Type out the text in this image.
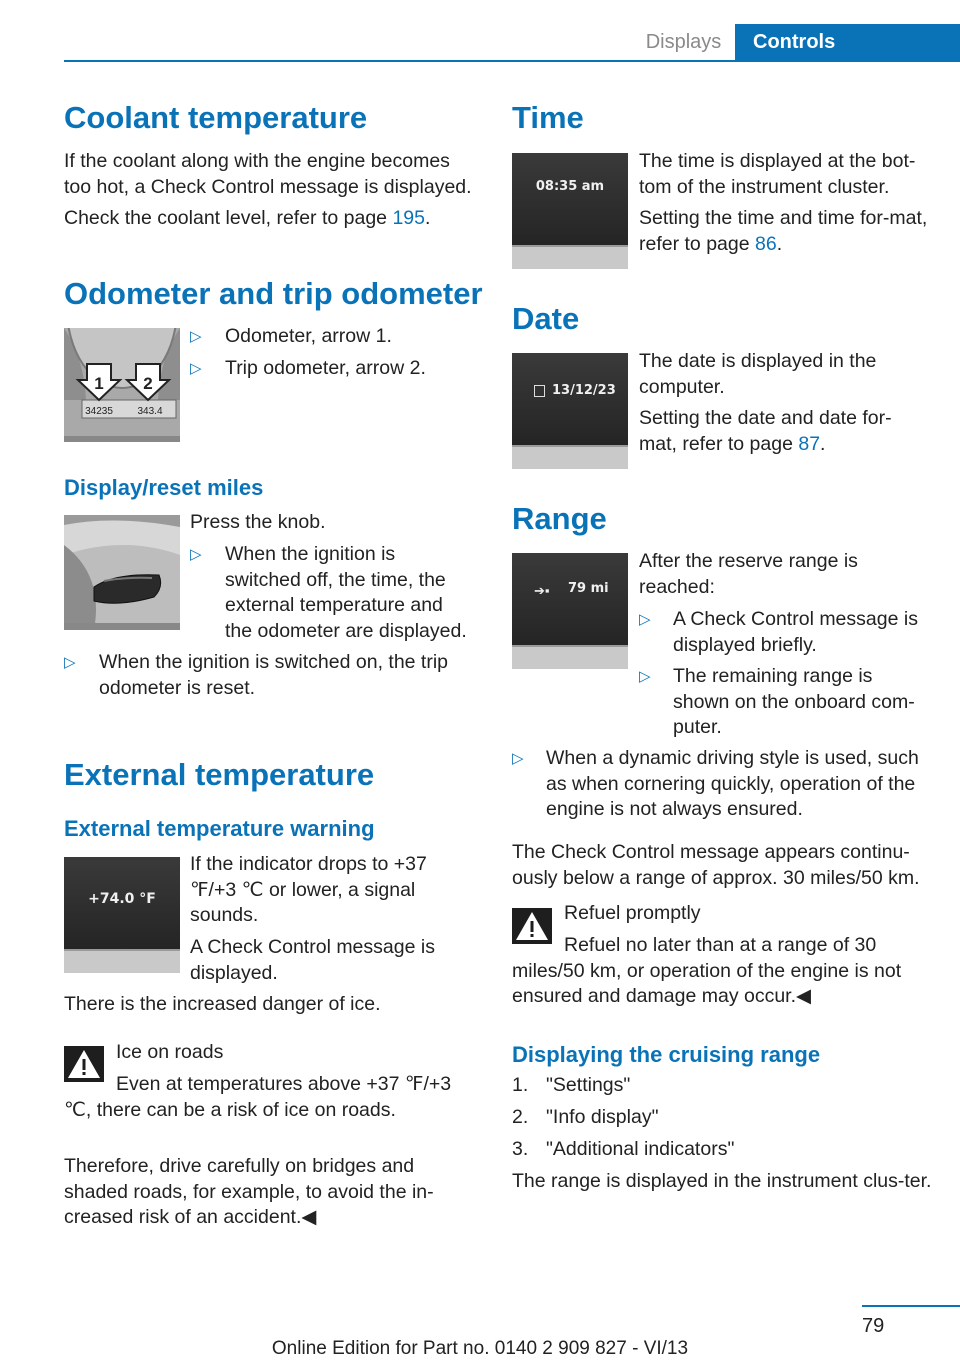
Displays	Controls
Coolant temperature
If the coolant along with the engine becomes too hot, a Check Control message is displayed.
Check the coolant level, refer to page 195.
Odometer and trip odometer
1 2
34235 343.4
▷ Odometer, arrow 1.
▷ Trip odometer, arrow 2.
Display/reset miles
Press the knob.
▷ When the ignition is switched off, the time, the external temperature and the odometer are displayed.
▷ When the ignition is switched on, the trip odometer is reset.
External temperature
External temperature warning
+74.0 °F
If the indicator drops to +37 ℉/+3 ℃ or lower, a signal sounds.
A Check Control message is displayed.
There is the increased danger of ice.
Ice on roads
Even at temperatures above +37 ℉/+3 ℃, there can be a risk of ice on roads.
Therefore, drive carefully on bridges and shaded roads, for example, to avoid the in‐creased risk of an accident.◀
Time
08:35 am
The time is displayed at the bot‐tom of the instrument cluster.
Setting the time and time for‐mat, refer to page 86.
Date
13/12/23
The date is displayed in the computer.
Setting the date and date for‐mat, refer to page 87.
Range
➔▪ 79 mi
After the reserve range is reached:
▷ A Check Control message is displayed briefly.
▷ The remaining range is shown on the onboard com‐puter.
▷ When a dynamic driving style is used, such as when cornering quickly, operation of the engine is not always ensured.
The Check Control message appears continu‐ously below a range of approx. 30 miles/50 km.
Refuel promptly
Refuel no later than at a range of 30 miles/50 km, or operation of the engine is not ensured and damage may occur.◀
Displaying the cruising range
1. "Settings"
2. "Info display"
3. "Additional indicators"
The range is displayed in the instrument clus‐ter.
79
Online Edition for Part no. 0140 2 909 827 - VI/13
